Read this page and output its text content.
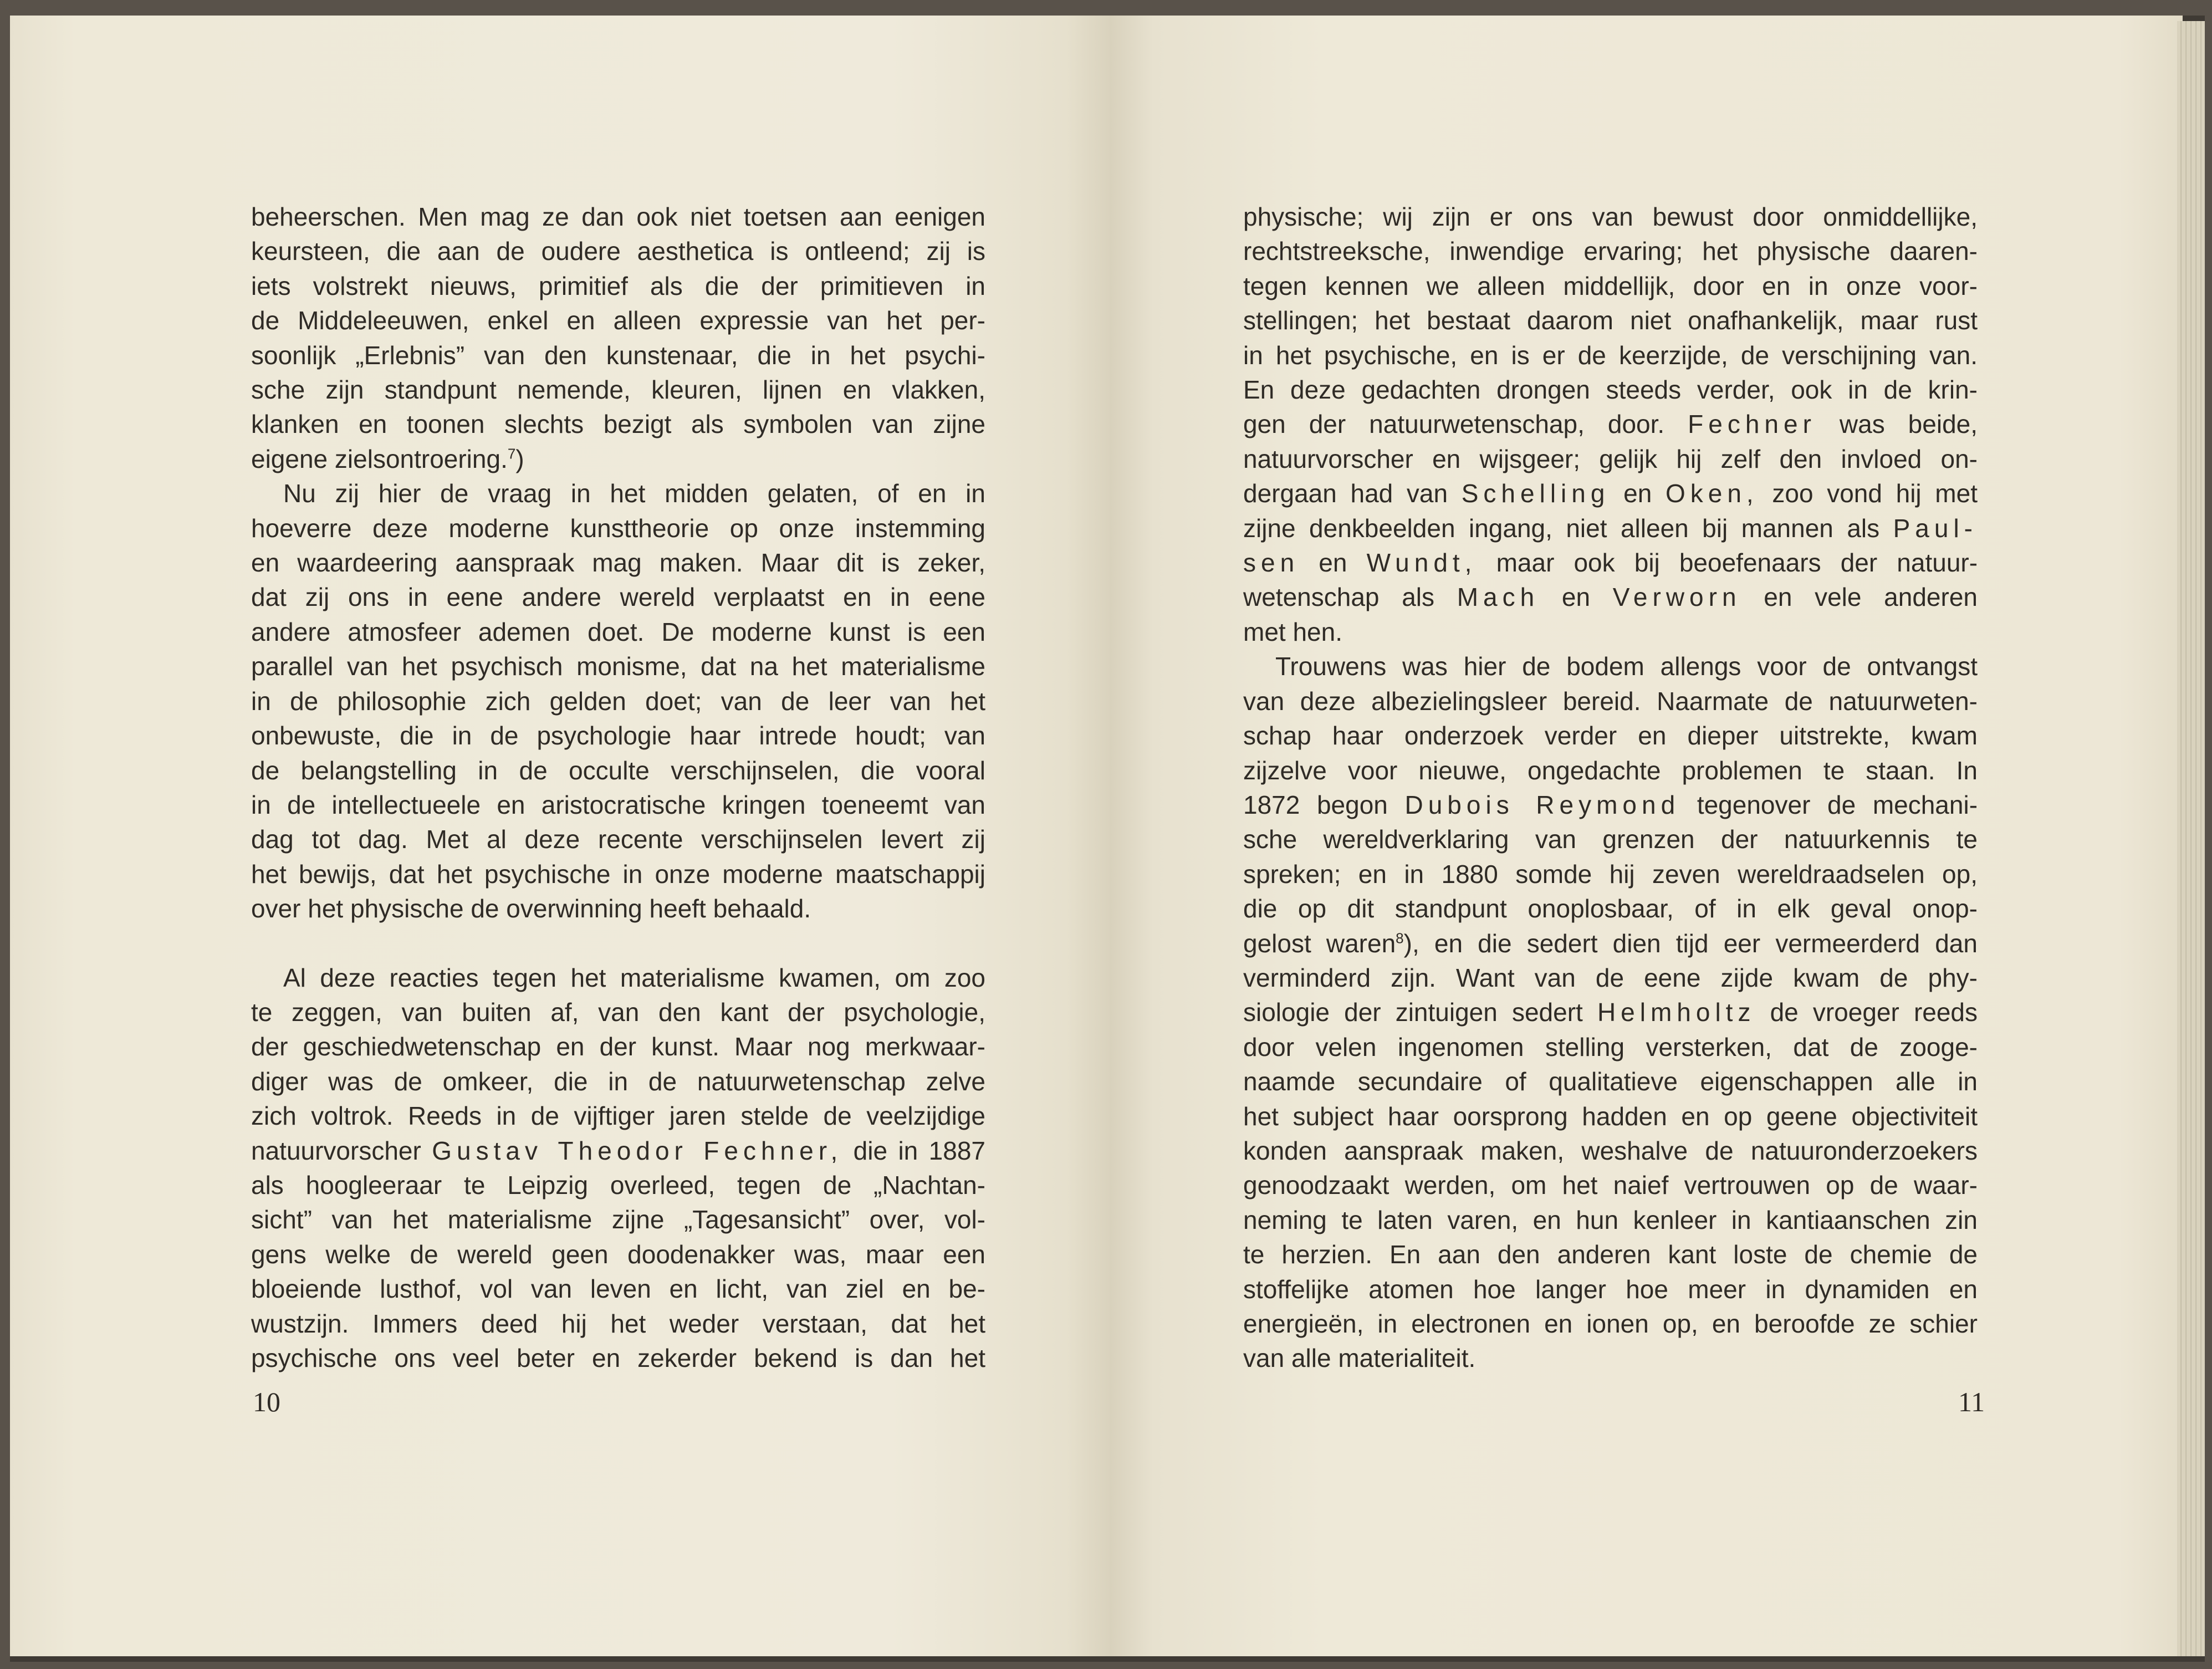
beheerschen. Men mag ze dan ook niet toetsen aan eenigen
keursteen, die aan de oudere aesthetica is ontleend; zij is
iets volstrekt nieuws, primitief als die der primitieven in
de Middeleeuwen, enkel en alleen expressie van het per-
soonlijk „Erlebnis” van den kunstenaar, die in het psychi-
sche zijn standpunt nemende, kleuren, lijnen en vlakken,
klanken en toonen slechts bezigt als symbolen van zijne
eigene zielsontroering.$^7$)

Nu zij hier de vraag in het midden gelaten, of en in
hoeverre deze moderne kunsttheorie op onze instemming
en waardeering aanspraak mag maken. Maar dit is zeker,
dat zij ons in eene andere wereld verplaatst en in eene
andere atmosfeer ademen doet. De moderne kunst is een
parallel van het psychisch monisme, dat na het materialisme
in de philosophie zich gelden doet; van de leer van het
onbewuste, die in de psychologie haar intrede houdt; van
de belangstelling in de occulte verschijnselen, die vooral
in de intellectueele en aristocratische kringen toeneemt van
dag tot dag. Met al deze recente verschijnselen levert zij
het bewijs, dat het psychische in onze moderne maatschappij
over het physische de overwinning heeft behaald.

Al deze reacties tegen het materialisme kwamen, om zoo
te zeggen, van buiten af, van den kant der psychologie,
der geschiedwetenschap en der kunst. Maar nog merkwaar-
diger was de omkeer, die in de natuurwetenschap zelve
zich voltrok. Reeds in de vijftiger jaren stelde de veelzijdige
natuurvorscher Gustav Theodor Fechner, die in 1887
als hoogleeraar te Leipzig overleed, tegen de „Nachtan-
sicht” van het materialisme zijne „Tagesansicht” over, vol-
gens welke de wereld geen doodenakker was, maar een
bloeiende lusthof, vol van leven en licht, van ziel en be-
wustzijn. Immers deed hij het weder verstaan, dat het
psychische ons veel beter en zekerder bekend is dan het

10

physische; wij zijn er ons van bewust door onmiddellijke,
rechtstreeksche, inwendige ervaring; het physische daaren-
tegen kennen we alleen middellijk, door en in onze voor-
stellingen; het bestaat daarom niet onafhankelijk, maar rust
in het psychische, en is er de keerzijde, de verschijning van.
En deze gedachten drongen steeds verder, ook in de krin-
gen der natuurwetenschap, door. Fechner was beide,
natuurvorscher en wijsgeer; gelijk hij zelf den invloed on-
dergaan had van Schelling en Oken, zoo vond hij met
zijne denkbeelden ingang, niet alleen bij mannen als Paul-
sen en Wundt, maar ook bij beoefenaars der natuur-
wetenschap als Mach en Verworn en vele anderen
met hen.

Trouwens was hier de bodem allengs voor de ontvangst
van deze albezielingsleer bereid. Naarmate de natuurweten-
schap haar onderzoek verder en dieper uitstrekte, kwam
zijzelve voor nieuwe, ongedachte problemen te staan. In
1872 begon Dubois Reymond tegenover de mechani-
sche wereldverklaring van grenzen der natuurkennis te
spreken; en in 1880 somde hij zeven wereldraadselen op,
die op dit standpunt onoplosbaar, of in elk geval onop-
gelost waren$^8$), en die sedert dien tijd eer vermeerderd dan
verminderd zijn. Want van de eene zijde kwam de phy-
siologie der zintuigen sedert Helmholtz de vroeger reeds
door velen ingenomen stelling versterken, dat de zooge-
naamde secundaire of qualitatieve eigenschappen alle in
het subject haar oorsprong hadden en op geene objectiviteit
konden aanspraak maken, weshalve de natuuronderzoekers
genoodzaakt werden, om het naief vertrouwen op de waar-
neming te laten varen, en hun kenleer in kantiaanschen zin
te herzien. En aan den anderen kant loste de chemie de
stoffelijke atomen hoe langer hoe meer in dynamiden en
energieën, in electronen en ionen op, en beroofde ze schier
van alle materialiteit.

11
